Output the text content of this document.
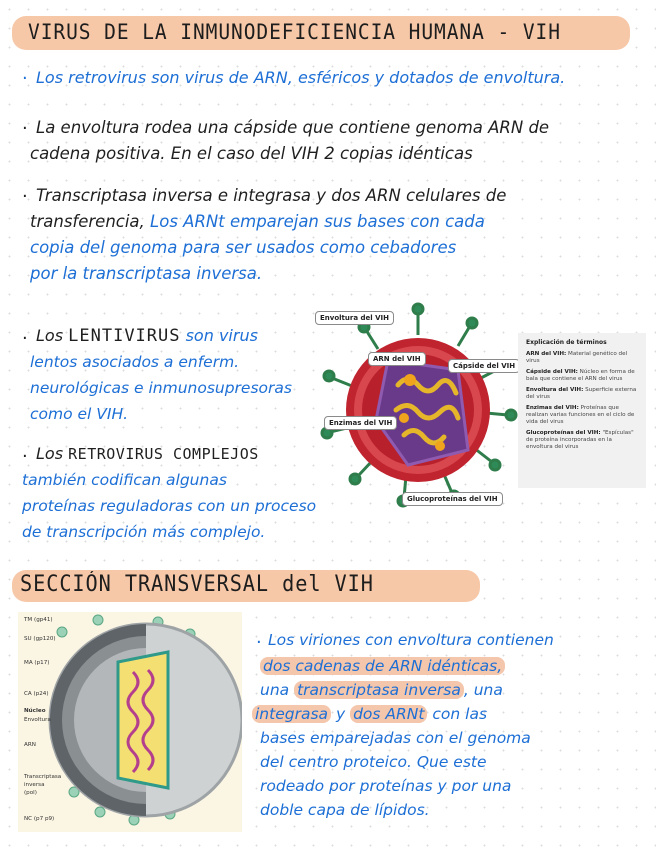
VIRUS DE LA INMUNODEFICIENCIA HUMANA - VIH
· Los retrovirus son virus de ARN, esféricos y dotados de envoltura.
· La envoltura rodea una cápside que contiene genoma ARN de
cadena positiva. En el caso del VIH 2 copias idénticas
· Transcriptasa inversa e integrasa y dos ARN celulares de
transferencia, Los ARNt emparejan sus bases con cada
copia del genoma para ser usados como cebadores
por la transcriptasa inversa.
· Los LENTIVIRUS son virus
lentos asociados a enferm.
neurológicas e inmunosupresoras
como el VIH.
· Los RETROVIRUS COMPLEJOS
también codifican algunas
proteínas reguladoras con un proceso
de transcripción más complejo.
Envoltura del VIH
ARN del VIH
Cápside del VIH
Enzimas del VIH
Glucoproteínas del VIH
Explicación de términos
ARN del VIH: Material genético del virus
Cápside del VIH: Núcleo en forma de bala que contiene el ARN del virus
Envoltura del VIH: Superficie externa del virus
Enzimas del VIH: Proteínas que realizan varias funciones en el ciclo de vida del virus
Glucoproteínas del VIH: "Espículas" de proteína incorporadas en la envoltura del virus
SECCIÓN TRANSVERSAL del VIH
TM (gp41)
SU (gp120)
MA (p17)
CA (p24)
Núcleo
Envoltura
ARN
Transcriptasa
inversa
(pol)
NC (p7 p9)
· Los viriones con envoltura contienen
dos cadenas de ARN idénticas,
una transcriptasa inversa , una
integrasa y dos ARNt con las
bases emparejadas con el genoma
del centro proteico. Que este
rodeado por proteínas y por una
doble capa de lípidos.
